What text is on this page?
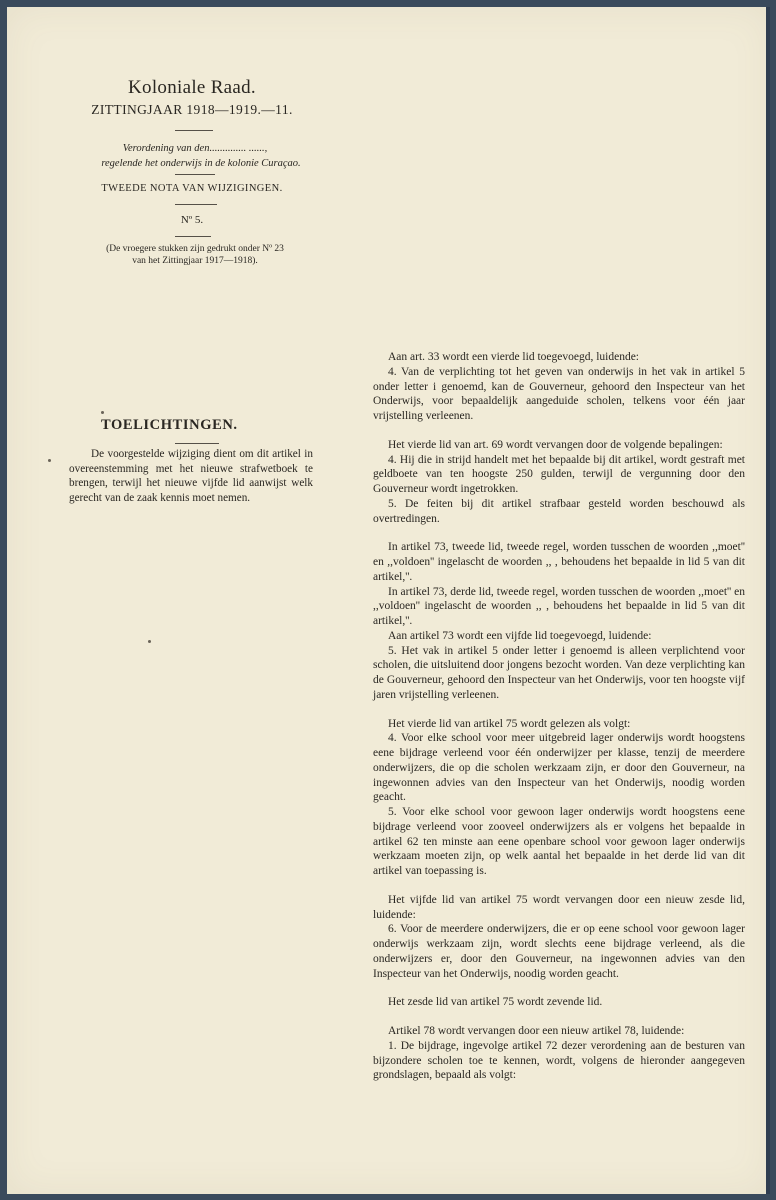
Koloniale Raad.
ZITTINGJAAR 1918—1919.—11.
Verordening van den.............. ......,
regelende het onderwijs in de kolonie Curaçao.
TWEEDE NOTA VAN WIJZIGINGEN.
Nº 5.
(De vroegere stukken zijn gedrukt onder Nº 23
van het Zittingjaar 1917—1918).
TOELICHTINGEN.
De voorgestelde wijziging dient om dit artikel in overeenstemming met het nieuwe strafwetboek te brengen, terwijl het nieuwe vijfde lid aanwijst welk gerecht van de zaak kennis moet nemen.

Aan art. 33 wordt een vierde lid toegevoegd, luidende:

4. Van de verplichting tot het geven van onderwijs in het vak in artikel 5 onder letter i genoemd, kan de Gouverneur, gehoord den Inspecteur van het Onderwijs, voor bepaaldelijk aangeduide scholen, telkens voor één jaar vrijstelling verleenen.

Het vierde lid van art. 69 wordt vervangen door de volgende bepalingen:

4. Hij die in strijd handelt met het bepaalde bij dit artikel, wordt gestraft met geldboete van ten hoogste 250 gulden, terwijl de vergunning door den Gouverneur wordt ingetrokken.

5. De feiten bij dit artikel strafbaar gesteld worden beschouwd als overtredingen.

In artikel 73, tweede lid, tweede regel, worden tusschen de woorden ,,moet'' en ,,voldoen'' ingelascht de woorden ,, , behoudens het bepaalde in lid 5 van dit artikel,''.

In artikel 73, derde lid, tweede regel, worden tusschen de woorden ,,moet'' en ,,voldoen'' ingelascht de woorden ,, , behoudens het bepaalde in lid 5 van dit artikel,''.

Aan artikel 73 wordt een vijfde lid toegevoegd, luidende:

5. Het vak in artikel 5 onder letter i genoemd is alleen verplichtend voor scholen, die uitsluitend door jongens bezocht worden. Van deze verplichting kan de Gouverneur, gehoord den Inspecteur van het Onderwijs, voor ten hoogste vijf jaren vrijstelling verleenen.

Het vierde lid van artikel 75 wordt gelezen als volgt:

4. Voor elke school voor meer uitgebreid lager onderwijs wordt hoogstens eene bijdrage verleend voor één onderwijzer per klasse, tenzij de meerdere onderwijzers, die op die scholen werkzaam zijn, er door den Gouverneur, na ingewonnen advies van den Inspecteur van het Onderwijs, noodig worden geacht.

5. Voor elke school voor gewoon lager onderwijs wordt hoogstens eene bijdrage verleend voor zooveel onderwijzers als er volgens het bepaalde in artikel 62 ten minste aan eene openbare school voor gewoon lager onderwijs werkzaam moeten zijn, op welk aantal het bepaalde in het derde lid van dit artikel van toepassing is.

Het vijfde lid van artikel 75 wordt vervangen door een nieuw zesde lid, luidende:

6. Voor de meerdere onderwijzers, die er op eene school voor gewoon lager onderwijs werkzaam zijn, wordt slechts eene bijdrage verleend, als die onderwijzers er, door den Gouverneur, na ingewonnen advies van den Inspecteur van het Onderwijs, noodig worden geacht.

Het zesde lid van artikel 75 wordt zevende lid.

Artikel 78 wordt vervangen door een nieuw artikel 78, luidende:

1. De bijdrage, ingevolge artikel 72 dezer verordening aan de besturen van bijzondere scholen toe te kennen, wordt, volgens de hieronder aangegeven grondslagen, bepaald als volgt:
